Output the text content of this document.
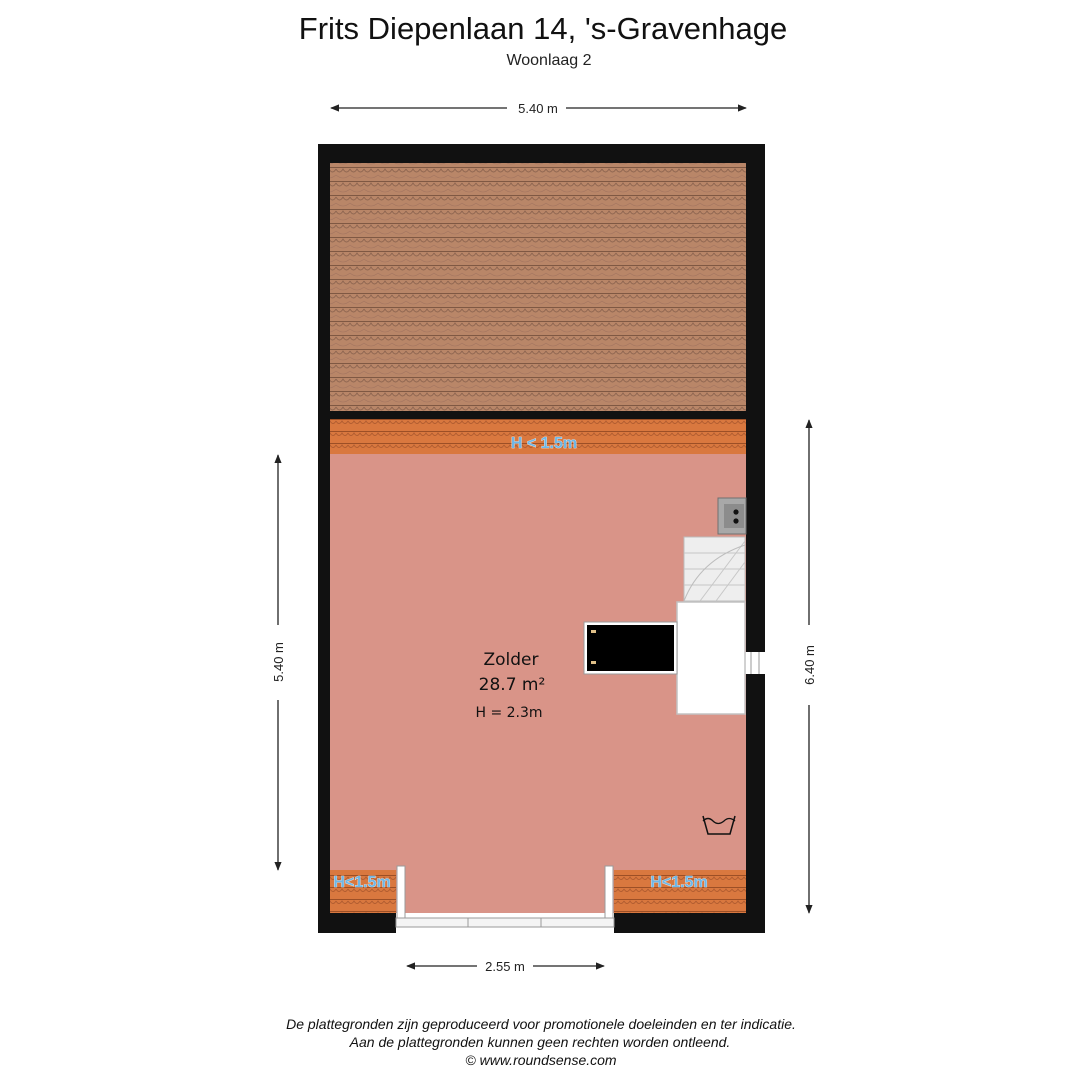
Frits Diepenlaan 14, 's-Gravenhage
Woonlaag 2
5.40 m
5.40 m	6.40 m
2.55 m
H < 1.5m
H<1.5m	H<1.5m
Zolder
28.7 m²
H = 2.3m
De plattegronden zijn geproduceerd voor promotionele doeleinden en ter indicatie.
Aan de plattegronden kunnen geen rechten worden ontleend.
© www.roundsense.com
